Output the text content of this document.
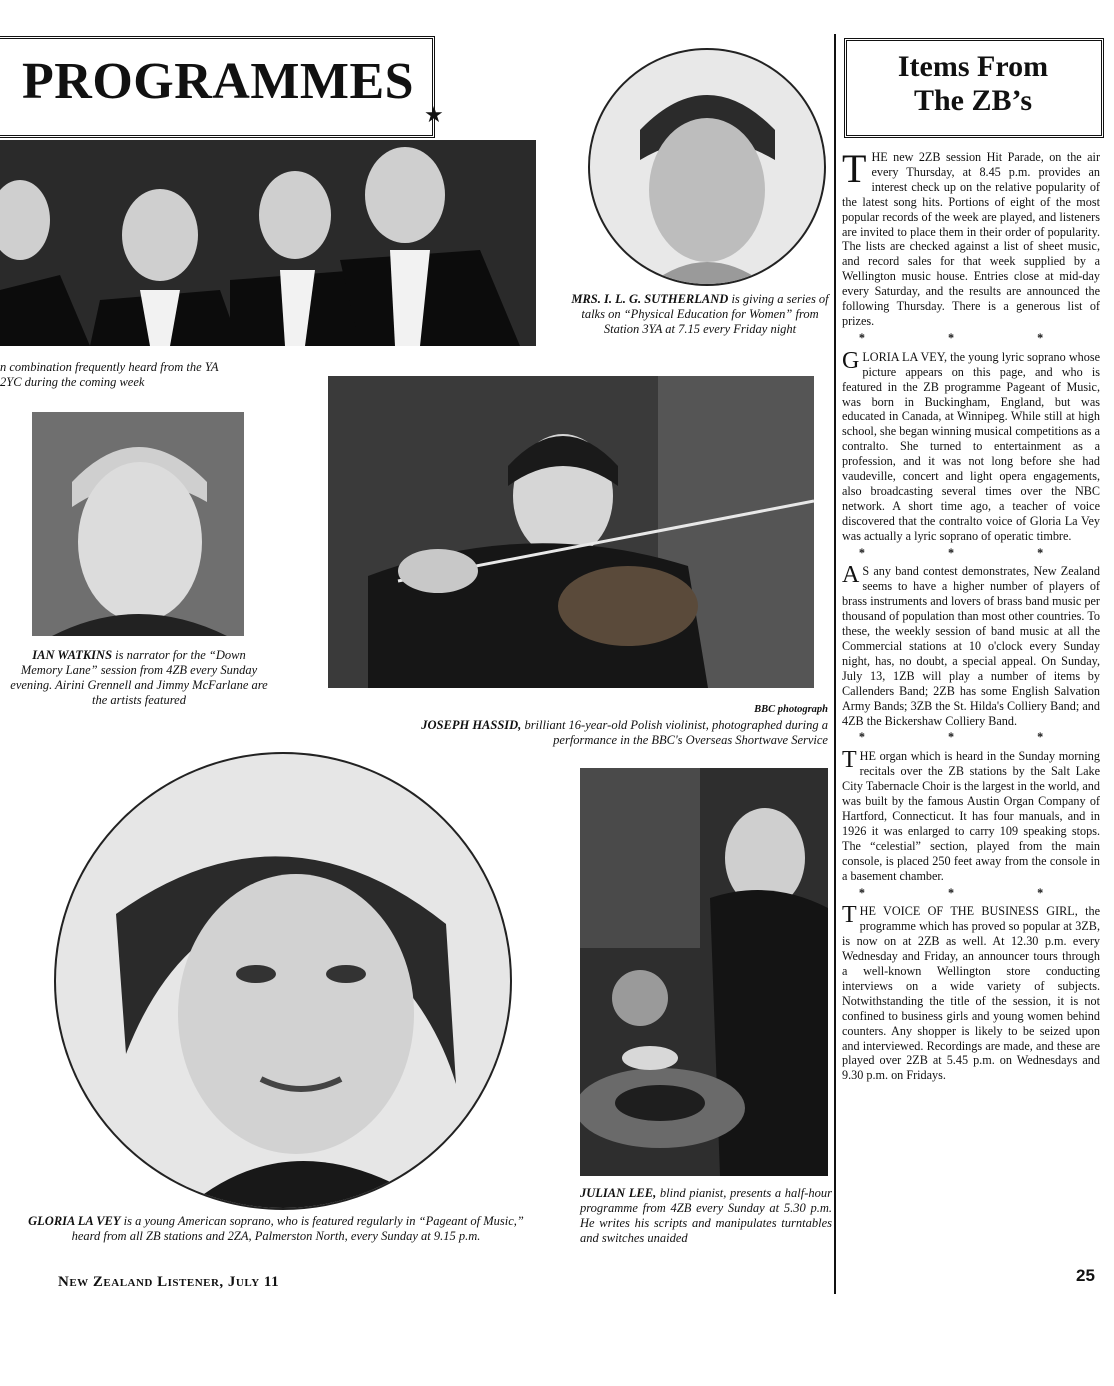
PROGRAMMES
★
n combination frequently heard from the YA
2YC during the coming week
MRS. I. L. G. SUTHERLAND is giving a series of talks on “Physical Education for Women” from Station 3YA at 7.15 every Friday night
IAN WATKINS is narrator for the “Down Memory Lane” session from 4ZB every Sunday evening. Airini Grennell and Jimmy McFarlane are the artists featured
BBC photograph
JOSEPH HASSID, brilliant 16-year-old Polish violinist, photographed during a performance in the BBC's Overseas Shortwave Service
GLORIA LA VEY is a young American soprano, who is featured regularly in “Pageant of Music,” heard from all ZB stations and 2ZA, Palmerston North, every Sunday at 9.15 p.m.
JULIAN LEE, blind pianist, presents a half-hour programme from 4ZB every Sunday at 5.30 p.m. He writes his scripts and manipulates turntables and switches unaided
Items From
The ZB’s

THE new 2ZB session Hit Parade, on the air every Thursday, at 8.45 p.m. provides an interest check up on the relative popularity of the latest song hits. Portions of eight of the most popular records of the week are played, and listeners are invited to place them in their order of popularity. The lists are checked against a list of sheet music, and record sales for that week supplied by a Wellington music house. Entries close at mid-day every Saturday, and the results are announced the following Thursday. There is a generous list of prizes.

* * *

GLORIA LA VEY, the young lyric soprano whose picture appears on this page, and who is featured in the ZB programme Pageant of Music, was born in Buckingham, England, but was educated in Canada, at Winnipeg. While still at high school, she began winning musical competitions as a contralto. She turned to entertainment as a profession, and it was not long before she had vaudeville, concert and light opera engagements, also broadcasting several times over the NBC network. A short time ago, a teacher of voice discovered that the contralto voice of Gloria La Vey was actually a lyric soprano of operatic timbre.

* * *

A S any band contest demonstrates, New Zealand seems to have a higher number of players of brass instruments and lovers of brass band music per thousand of population than most other countries. To these, the weekly session of band music at all the Commercial stations at 10 o'clock every Sunday night, has, no doubt, a special appeal. On Sunday, July 13, 1ZB will play a number of items by Callenders Band; 2ZB has some English Salvation Army Bands; 3ZB the St. Hilda's Colliery Band; and 4ZB the Bickershaw Colliery Band.

* * *

THE organ which is heard in the Sunday morning recitals over the ZB stations by the Salt Lake City Tabernacle Choir is the largest in the world, and was built by the famous Austin Organ Company of Hartford, Connecticut. It has four manuals, and in 1926 it was enlarged to carry 109 speaking stops. The “celestial” section, played from the main console, is placed 250 feet away from the console in a basement chamber.

* * *

THE VOICE OF THE BUSINESS GIRL, the programme which has proved so popular at 3ZB, is now on at 2ZB as well. At 12.30 p.m. every Wednesday and Friday, an announcer tours through a well-known Wellington store conducting interviews on a wide variety of subjects. Notwithstanding the title of the session, it is not confined to business girls and young women behind counters. Any shopper is likely to be seized upon and interviewed. Recordings are made, and these are played over 2ZB at 5.45 p.m. on Wednesdays and 9.30 p.m. on Fridays.

New Zealand Listener, July 11	25
